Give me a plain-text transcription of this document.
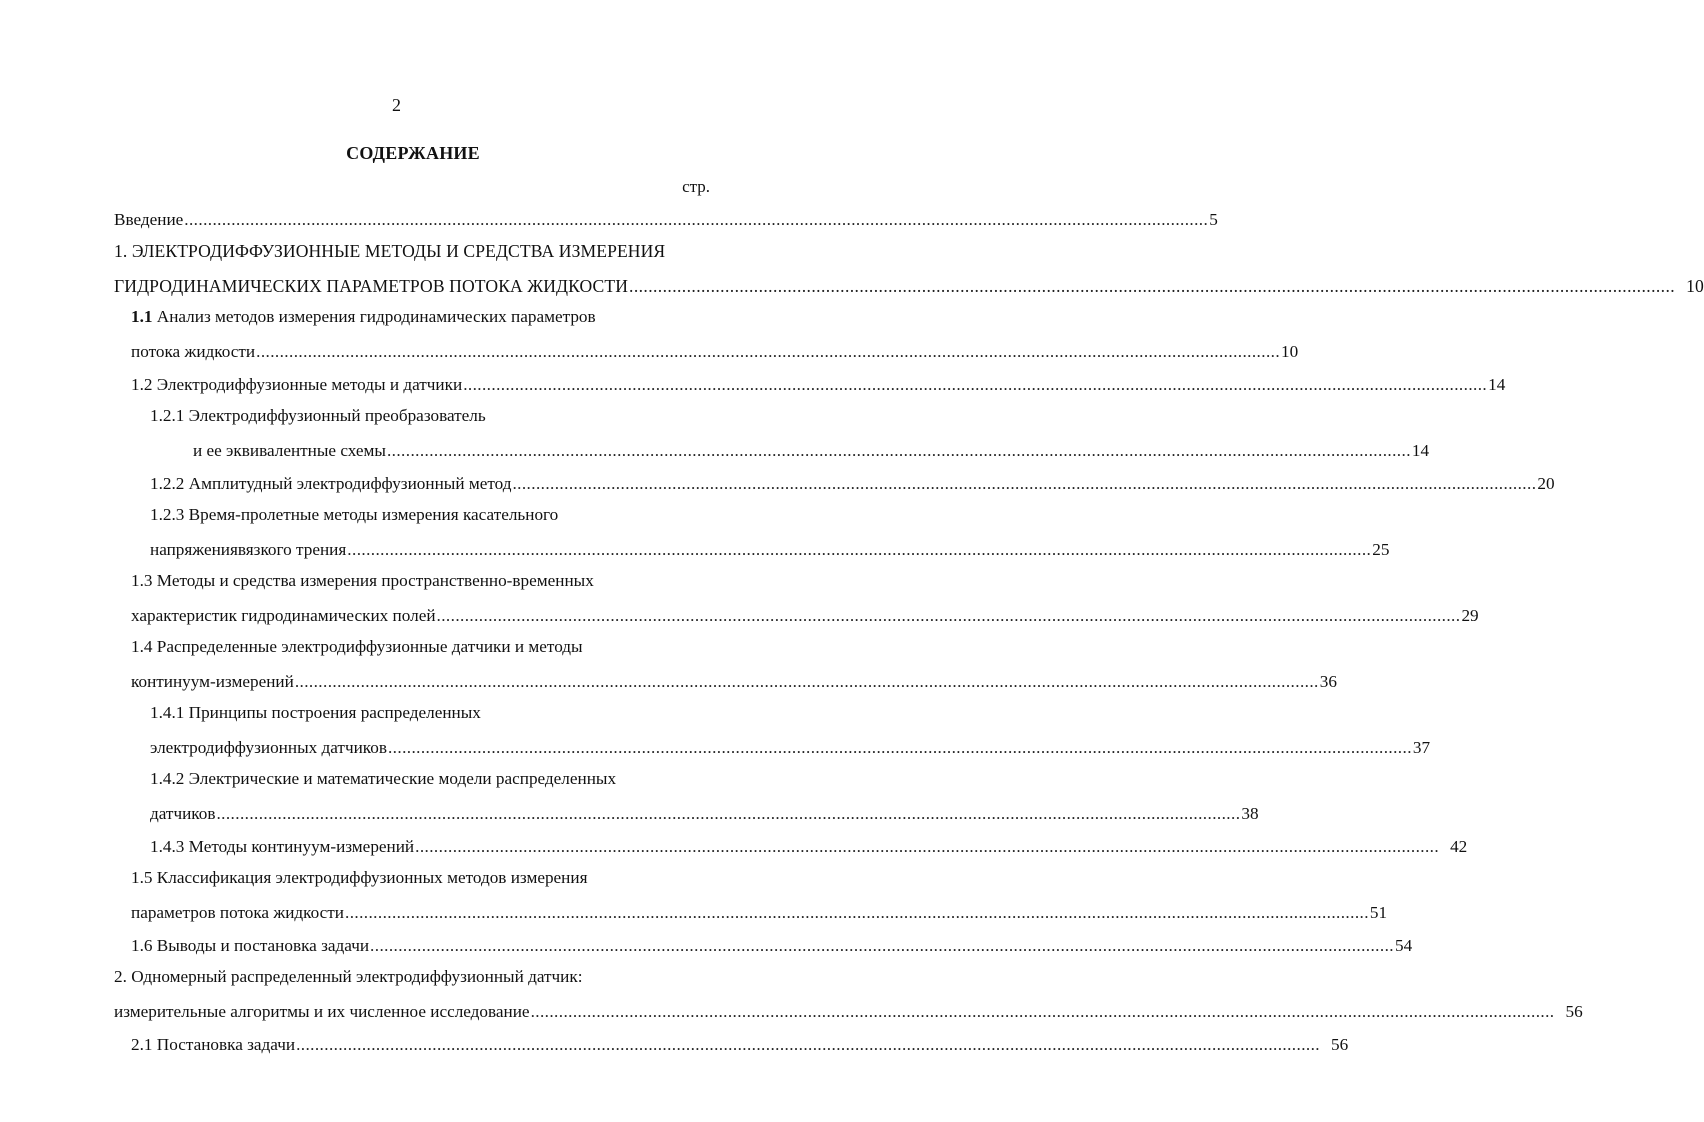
2
СОДЕРЖАНИЕ
стр.
Введение .......................................................................................................................................................................................................................... 5
1. ЭЛЕКТРОДИФФУЗИОННЫЕ МЕТОДЫ И СРЕДСТВА ИЗМЕРЕНИЯ
ГИДРОДИНАМИЧЕСКИХ ПАРАМЕТРОВ ПОТОКА ЖИДКОСТИ .......................................................................................................................................................................................................................... 10
1.1 Анализ методов измерения гидродинамических параметров
потока жидкости .......................................................................................................................................................................................................................... 10
1.2 Электродиффузионные методы и датчики .......................................................................................................................................................................................................................... 14
1.2.1 Электродиффузионный преобразователь
и ее эквивалентные схемы .......................................................................................................................................................................................................................... 14
1.2.2 Амплитудный электродиффузионный метод .......................................................................................................................................................................................................................... 20
1.2.3 Время-пролетные методы измерения касательного
напряжениявязкого трения .......................................................................................................................................................................................................................... 25
1.3 Методы и средства измерения пространственно-временных
характеристик гидродинамических полей .......................................................................................................................................................................................................................... 29
1.4 Распределенные электродиффузионные датчики и методы
континуум-измерений .......................................................................................................................................................................................................................... 36
1.4.1 Принципы построения распределенных
электродиффузионных датчиков .......................................................................................................................................................................................................................... 37
1.4.2 Электрические и математические модели распределенных
датчиков .......................................................................................................................................................................................................................... 38
1.4.3 Методы континуум-измерений .......................................................................................................................................................................................................................... 42
1.5 Классификация электродиффузионных методов измерения
параметров потока жидкости .......................................................................................................................................................................................................................... 51
1.6 Выводы и постановка задачи .......................................................................................................................................................................................................................... 54
2. Одномерный распределенный электродиффузионный датчик:
измерительные алгоритмы и их численное исследование .......................................................................................................................................................................................................................... 56
2.1 Постановка задачи .......................................................................................................................................................................................................................... 56
